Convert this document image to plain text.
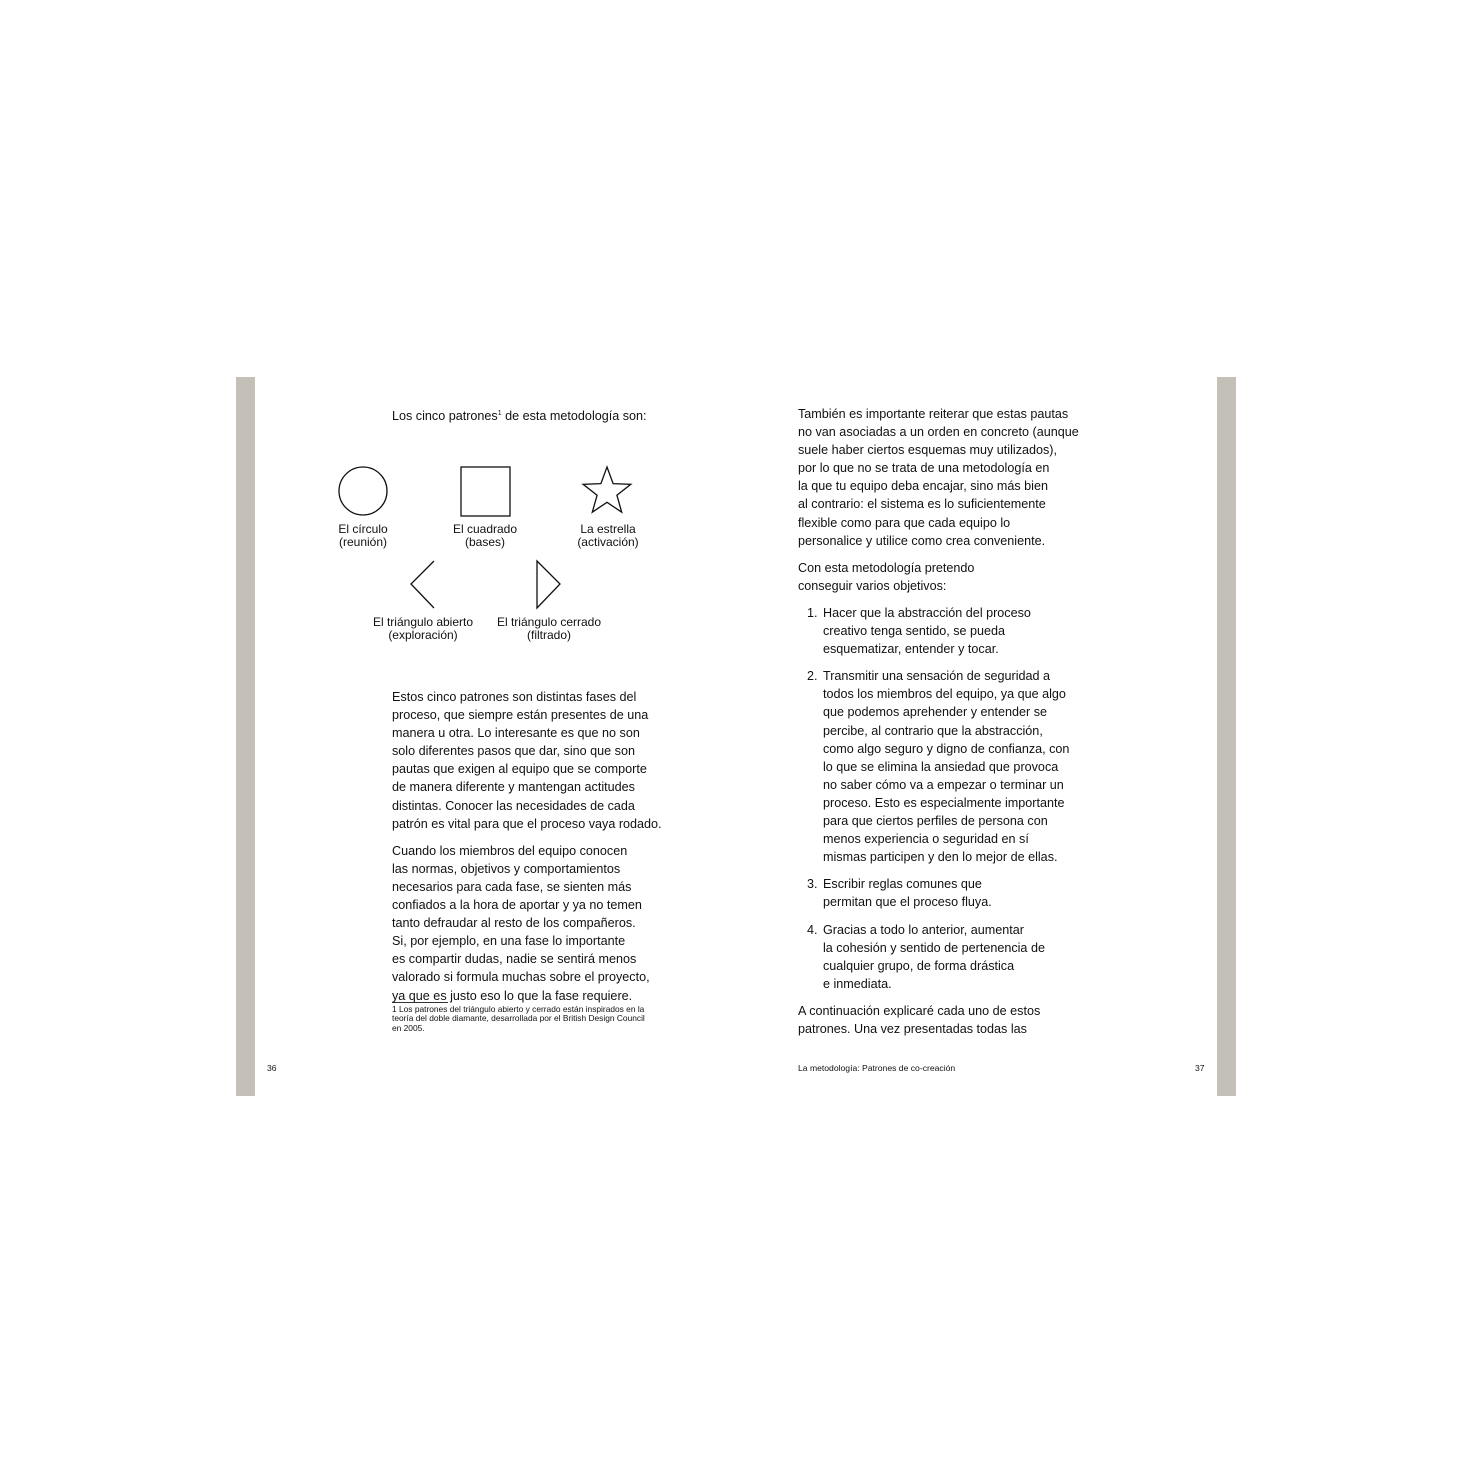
Los cinco patrones$^1$ de esta metodología son:
El círculo
(reunión)
El cuadrado
(bases)
La estrella
(activación)
El triángulo abierto
(exploración)
El triángulo cerrado
(filtrado)

Estos cinco patrones son distintas fases del
proceso, que siempre están presentes de una
manera u otra. Lo interesante es que no son
solo diferentes pasos que dar, sino que son
pautas que exigen al equipo que se comporte
de manera diferente y mantengan actitudes
distintas. Conocer las necesidades de cada
patrón es vital para que el proceso vaya rodado.

Cuando los miembros del equipo conocen
las normas, objetivos y comportamientos
necesarios para cada fase, se sienten más
confiados a la hora de aportar y ya no temen
tanto defraudar al resto de los compañeros.
Si, por ejemplo, en una fase lo importante
es compartir dudas, nadie se sentirá menos
valorado si formula muchas sobre el proyecto,
ya que es justo eso lo que la fase requiere.

1 Los patrones del triángulo abierto y cerrado están inspirados en la
teoría del doble diamante, desarrollada por el British Design Council
en 2005.
36

También es importante reiterar que estas pautas
no van asociadas a un orden en concreto (aunque
suele haber ciertos esquemas muy utilizados),
por lo que no se trata de una metodología en
la que tu equipo deba encajar, sino más bien
al contrario: el sistema es lo suficientemente
flexible como para que cada equipo lo
personalice y utilice como crea conveniente.

Con esta metodología pretendo
conseguir varios objetivos:

1. Hacer que la abstracción del proceso
creativo tenga sentido, se pueda
esquematizar, entender y tocar.
2. Transmitir una sensación de seguridad a
todos los miembros del equipo, ya que algo
que podemos aprehender y entender se
percibe, al contrario que la abstracción,
como algo seguro y digno de confianza, con
lo que se elimina la ansiedad que provoca
no saber cómo va a empezar o terminar un
proceso. Esto es especialmente importante
para que ciertos perfiles de persona con
menos experiencia o seguridad en sí
mismas participen y den lo mejor de ellas.
3. Escribir reglas comunes que
permitan que el proceso fluya.
4. Gracias a todo lo anterior, aumentar
la cohesión y sentido de pertenencia de
cualquier grupo, de forma drástica
e inmediata.
A continuación explicaré cada uno de estos
patrones. Una vez presentadas todas las
La metodología: Patrones de co-creación	37
